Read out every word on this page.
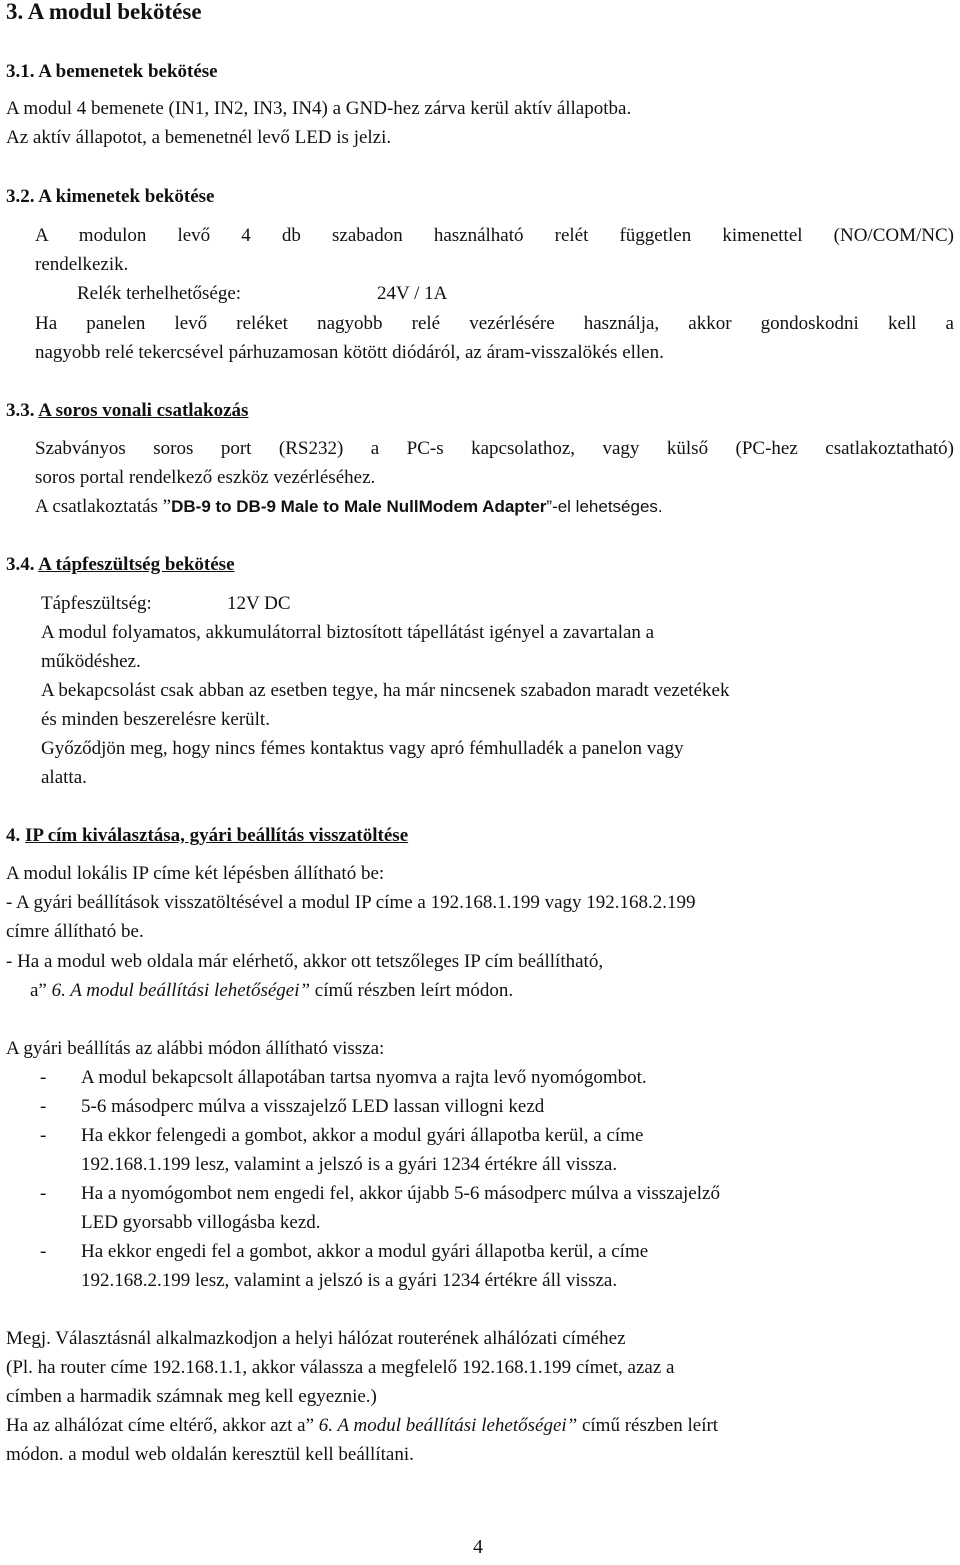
3. A modul bekötése
3.1. A bemenetek bekötése
A modul 4 bemenete (IN1, IN2, IN3, IN4) a GND-hez zárva kerül aktív állapotba.
Az aktív állapotot, a bemenetnél levő LED is jelzi.
3.2. A kimenetek bekötése
A modulon levő 4 db szabadon használható relét független kimenettel (NO/COM/NC)
rendelkezik.
Relék terhelhetősége:	24V / 1A
Ha panelen levő reléket nagyobb relé vezérlésére használja, akkor gondoskodni kell a
nagyobb relé tekercsével párhuzamosan kötött diódáról, az áram-visszalökés ellen.
3.3. A soros vonali csatlakozás
Szabványos soros port (RS232) a PC-s kapcsolathoz, vagy külső (PC-hez csatlakoztatható)
soros portal rendelkező eszköz vezérléséhez.
A csatlakoztatás ”DB-9 to DB-9 Male to Male NullModem Adapter”-el lehetséges.
3.4. A tápfeszültség bekötése
Tápfeszültség:	12V DC
A modul folyamatos, akkumulátorral biztosított tápellátást igényel a zavartalan a
működéshez.
A bekapcsolást csak abban az esetben tegye, ha már nincsenek szabadon maradt vezetékek
és minden beszerelésre került.
Győződjön meg, hogy nincs fémes kontaktus vagy apró fémhulladék a panelon vagy
alatta.
4. IP cím kiválasztása, gyári beállítás visszatöltése
A modul lokális IP címe két lépésben állítható be:
- A gyári beállítások visszatöltésével a modul IP címe a 192.168.1.199 vagy 192.168.2.199
címre állítható be.
- Ha a modul web oldala már elérhető, akkor ott tetszőleges IP cím beállítható,
a” 6. A modul beállítási lehetőségei” című részben leírt módon.
A gyári beállítás az alábbi módon állítható vissza:
- A modul bekapcsolt állapotában tartsa nyomva a rajta levő nyomógombot.
- 5-6 másodperc múlva a visszajelző LED lassan villogni kezd
- Ha ekkor felengedi a gombot, akkor a modul gyári állapotba kerül, a címe
192.168.1.199 lesz, valamint a jelszó is a gyári 1234 értékre áll vissza.
- Ha a nyomógombot nem engedi fel, akkor újabb 5-6 másodperc múlva a visszajelző
LED gyorsabb villogásba kezd.
- Ha ekkor engedi fel a gombot, akkor a modul gyári állapotba kerül, a címe
192.168.2.199 lesz, valamint a jelszó is a gyári 1234 értékre áll vissza.
Megj. Választásnál alkalmazkodjon a helyi hálózat routerének alhálózati címéhez
(Pl. ha router címe 192.168.1.1, akkor válassza a megfelelő 192.168.1.199 címet, azaz a
címben a harmadik számnak meg kell egyeznie.)
Ha az alhálózat címe eltérő, akkor azt a” 6. A modul beállítási lehetőségei” című részben leírt
módon. a modul web oldalán keresztül kell beállítani.
4
